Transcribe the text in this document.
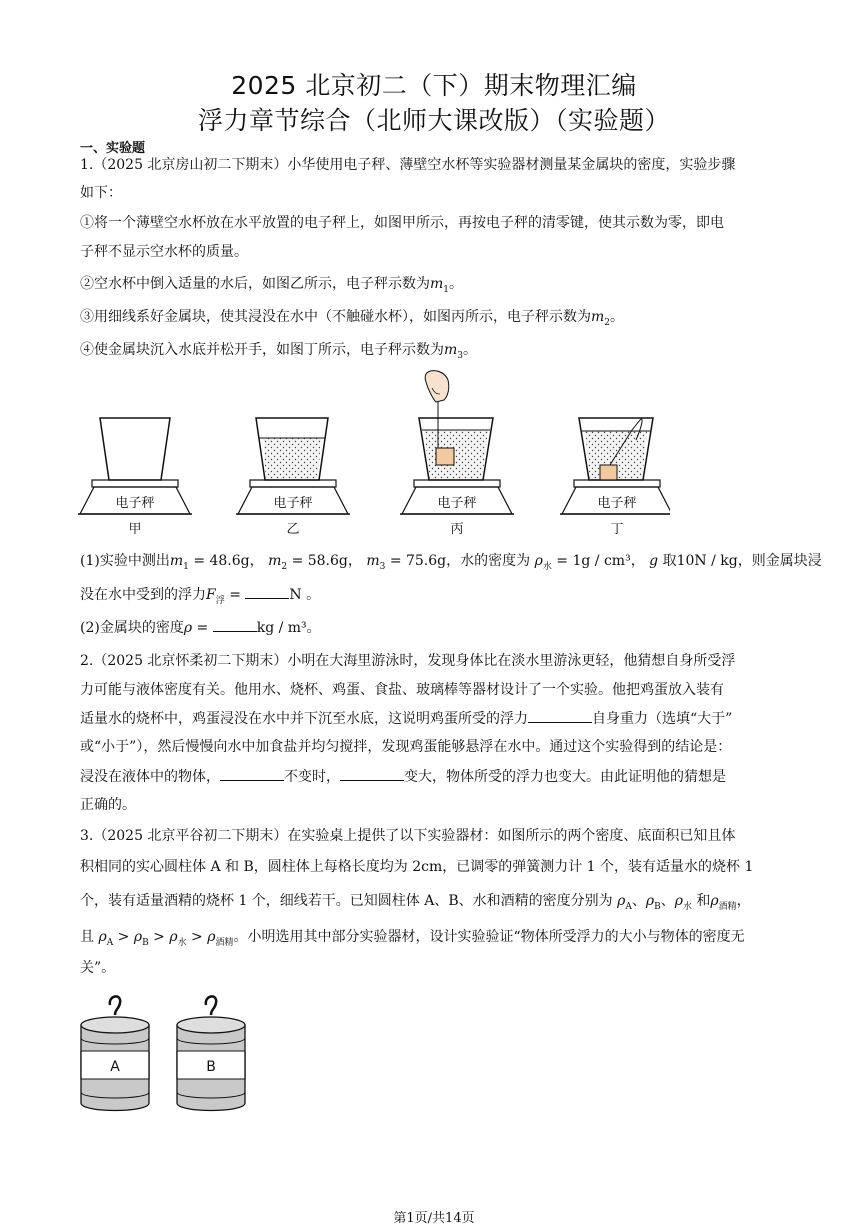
2025 北京初二（下）期末物理汇编
浮力章节综合（北师大课改版）（实验题）
一、实验题
1.（2025 北京房山初二下期末）小华使用电子秤、薄壁空水杯等实验器材测量某金属块的密度，实验步骤
如下：
①将一个薄壁空水杯放在水平放置的电子秤上，如图甲所示，再按电子秤的清零键，使其示数为零，即电
子秤不显示空水杯的质量。
②空水杯中倒入适量的水后，如图乙所示，电子秤示数为$m_1$。
③用细线系好金属块，使其浸没在水中（不触碰水杯），如图丙所示，电子秤示数为$m_2$。
④使金属块沉入水底并松开手，如图丁所示，电子秤示数为$m_3$。
电子秤
甲
电子秤
乙
电子秤
丙
电子秤
丁
(1)实验中测出$m_1 = 48.6g$， $m_2 = 58.6g$， $m_3 = 75.6g$，水的密度为 $\rho_水 = 1g / cm^3$， g 取10N / kg，则金属块浸
没在水中受到的浮力$F_浮$ =	N 。
(2)金属块的密度ρ =	kg / m³。
2.（2025 北京怀柔初二下期末）小明在大海里游泳时，发现身体比在淡水里游泳更轻，他猜想自身所受浮
力可能与液体密度有关。他用水、烧杯、鸡蛋、食盐、玻璃棒等器材设计了一个实验。他把鸡蛋放入装有
适量水的烧杯中，鸡蛋浸没在水中并下沉至水底，这说明鸡蛋所受的浮力	自身重力（选填“大于”
或“小于”），然后慢慢向水中加食盐并均匀搅拌，发现鸡蛋能够悬浮在水中。通过这个实验得到的结论是：
浸没在液体中的物体，	不变时，	变大，物体所受的浮力也变大。由此证明他的猜想是
正确的。
3.（2025 北京平谷初二下期末）在实验桌上提供了以下实验器材：如图所示的两个密度、底面积已知且体
积相同的实心圆柱体 A 和 B，圆柱体上每格长度均为 2cm，已调零的弹簧测力计 1 个，装有适量水的烧杯 1
个，装有适量酒精的烧杯 1 个，细线若干。已知圆柱体 A、B、水和酒精的密度分别为 $\rho_A$、$\rho_B$、$\rho_水$ 和$\rho_{酒精}$，
且 $\rho_A > \rho_B > \rho_水 > \rho_{酒精}$。小明选用其中部分实验器材，设计实验验证“物体所受浮力的大小与物体的密度无
关”。
A	B
第1页/共14页
